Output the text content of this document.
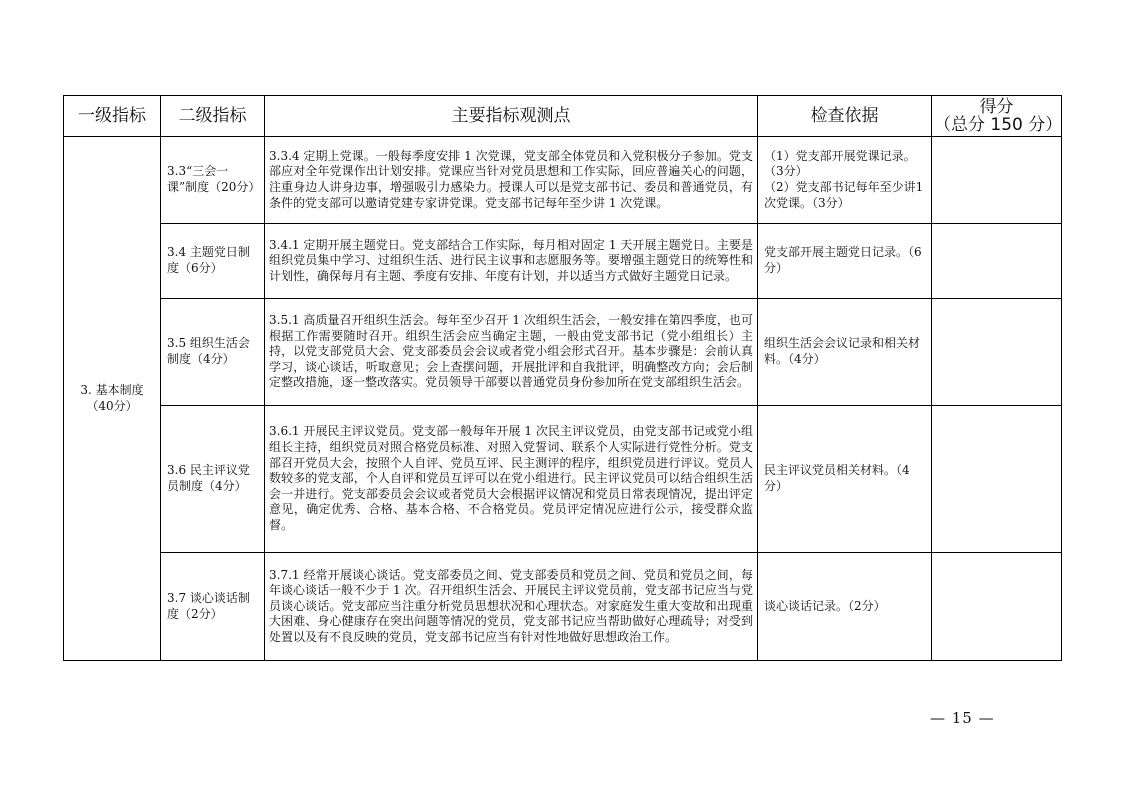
一级指标	二级指标	主要指标观测点	检查依据	得分
（总分 150 分）

3. 基本制度（40分）	3.3“三会一课”制度（20分）	3.3.4 定期上党课。一般每季度安排 1 次党课，党支部全体党员和入党积极分子参加。党支部应对全年党课作出计划安排。党课应当针对党员思想和工作实际，回应普遍关心的问题，注重身边人讲身边事，增强吸引力感染力。授课人可以是党支部书记、委员和普通党员，有条件的党支部可以邀请党建专家讲党课。党支部书记每年至少讲 1 次党课。	（1）党支部开展党课记录。（3分）
（2）党支部书记每年至少讲1次党课。（3分）	

	3.4 主题党日制度（6分）	3.4.1 定期开展主题党日。党支部结合工作实际，每月相对固定 1 天开展主题党日。主要是组织党员集中学习、过组织生活、进行民主议事和志愿服务等。要增强主题党日的统筹性和计划性，确保每月有主题、季度有安排、年度有计划，并以适当方式做好主题党日记录。	党支部开展主题党日记录。（6分）	

	3.5 组织生活会制度（4分）	3.5.1 高质量召开组织生活会。每年至少召开 1 次组织生活会，一般安排在第四季度，也可根据工作需要随时召开。组织生活会应当确定主题，一般由党支部书记（党小组组长）主持，以党支部党员大会、党支部委员会会议或者党小组会形式召开。基本步骤是：会前认真学习，谈心谈话，听取意见；会上查摆问题，开展批评和自我批评，明确整改方向；会后制定整改措施，逐一整改落实。党员领导干部要以普通党员身份参加所在党支部组织生活会。	组织生活会会议记录和相关材料。（4分）	

	3.6 民主评议党员制度（4分）	3.6.1 开展民主评议党员。党支部一般每年开展 1 次民主评议党员，由党支部书记或党小组组长主持，组织党员对照合格党员标准、对照入党誓词、联系个人实际进行党性分析。党支部召开党员大会，按照个人自评、党员互评、民主测评的程序，组织党员进行评议。党员人数较多的党支部，个人自评和党员互评可以在党小组进行。民主评议党员可以结合组织生活会一并进行。党支部委员会会议或者党员大会根据评议情况和党员日常表现情况，提出评定意见，确定优秀、合格、基本合格、不合格党员。党员评定情况应进行公示，接受群众监督。	民主评议党员相关材料。（4分）	

	3.7 谈心谈话制度（2分）	3.7.1 经常开展谈心谈话。党支部委员之间、党支部委员和党员之间、党员和党员之间，每年谈心谈话一般不少于 1 次。召开组织生活会、开展民主评议党员前，党支部书记应当与党员谈心谈话。党支部应当注重分析党员思想状况和心理状态。对家庭发生重大变故和出现重大困难、身心健康存在突出问题等情况的党员，党支部书记应当帮助做好心理疏导；对受到处置以及有不良反映的党员，党支部书记应当有针对性地做好思想政治工作。	谈心谈话记录。（2分）	

— 15 —
